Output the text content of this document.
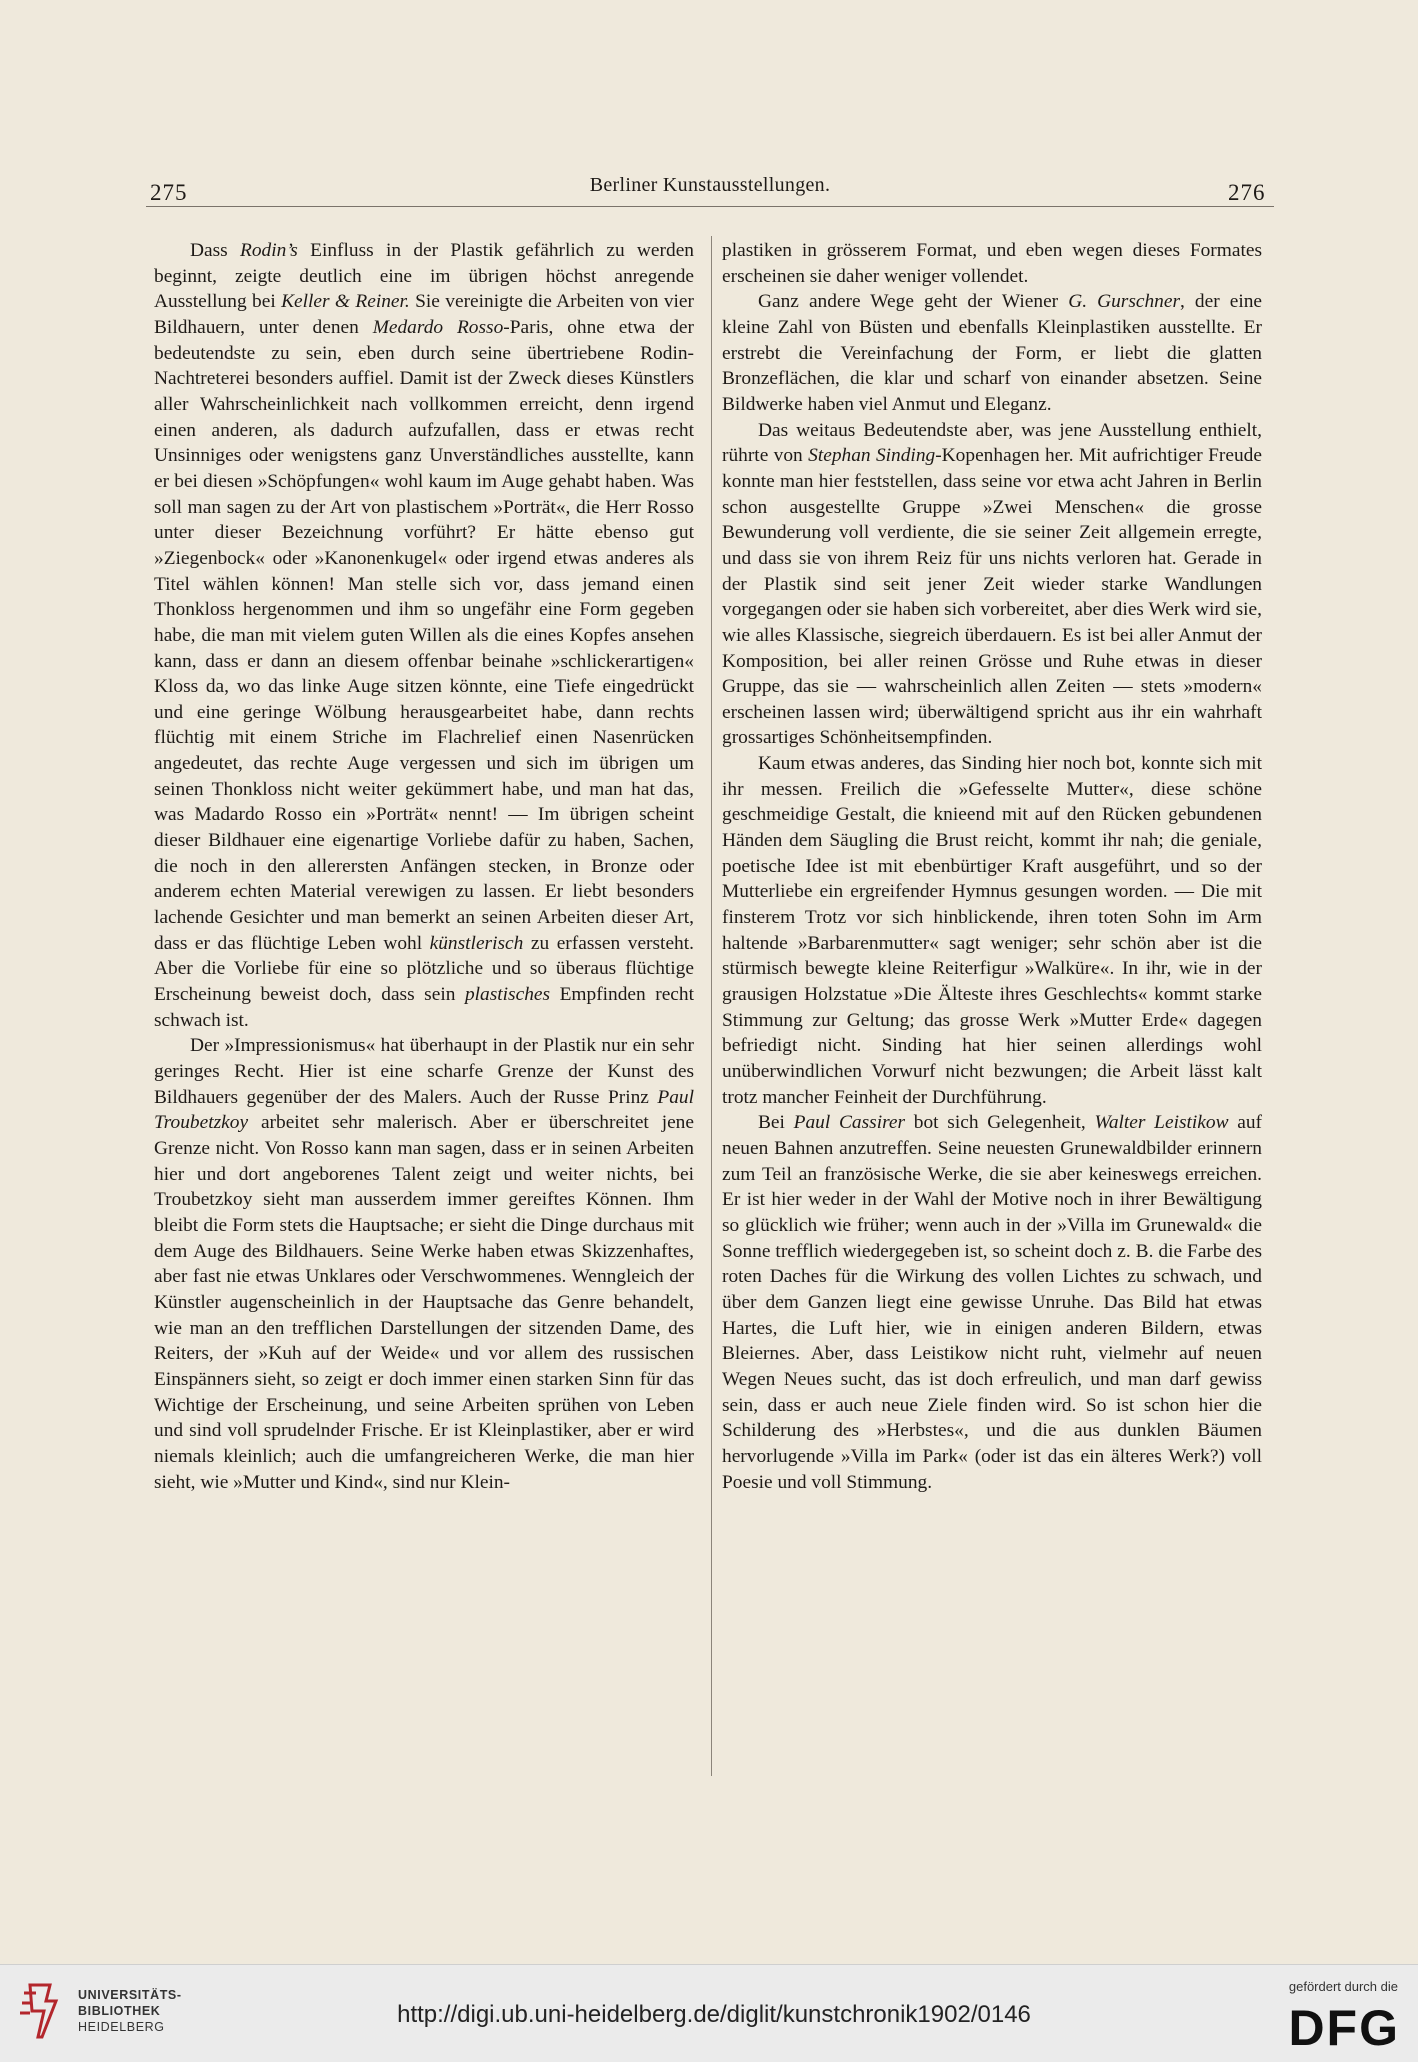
275	Berliner Kunstausstellungen.	276

Dass Rodin’s Einfluss in der Plastik gefährlich zu werden beginnt, zeigte deutlich eine im übrigen höchst anregende Ausstellung bei Keller & Reiner. Sie vereinigte die Arbeiten von vier Bildhauern, unter denen Medardo Rosso-Paris, ohne etwa der bedeutendste zu sein, eben durch seine übertriebene Rodin-Nachtreterei besonders auffiel. Damit ist der Zweck dieses Künstlers aller Wahrscheinlichkeit nach vollkommen erreicht, denn irgend einen anderen, als dadurch aufzufallen, dass er etwas recht Unsinniges oder wenigstens ganz Unverständliches ausstellte, kann er bei diesen »Schöpfungen« wohl kaum im Auge gehabt haben. Was soll man sagen zu der Art von plastischem »Porträt«, die Herr Rosso unter dieser Bezeichnung vorführt? Er hätte ebenso gut »Ziegenbock« oder »Kanonenkugel« oder irgend etwas anderes als Titel wählen können! Man stelle sich vor, dass jemand einen Thonkloss hergenommen und ihm so ungefähr eine Form gegeben habe, die man mit vielem guten Willen als die eines Kopfes ansehen kann, dass er dann an diesem offenbar beinahe »schlickerartigen« Kloss da, wo das linke Auge sitzen könnte, eine Tiefe eingedrückt und eine geringe Wölbung herausgearbeitet habe, dann rechts flüchtig mit einem Striche im Flachrelief einen Nasenrücken angedeutet, das rechte Auge vergessen und sich im übrigen um seinen Thonkloss nicht weiter gekümmert habe, und man hat das, was Madardo Rosso ein »Porträt« nennt! — Im übrigen scheint dieser Bildhauer eine eigenartige Vorliebe dafür zu haben, Sachen, die noch in den allerersten Anfängen stecken, in Bronze oder anderem echten Material verewigen zu lassen. Er liebt besonders lachende Gesichter und man bemerkt an seinen Arbeiten dieser Art, dass er das flüchtige Leben wohl künstlerisch zu erfassen versteht. Aber die Vorliebe für eine so plötzliche und so überaus flüchtige Erscheinung beweist doch, dass sein plastisches Empfinden recht schwach ist.

Der »Impressionismus« hat überhaupt in der Plastik nur ein sehr geringes Recht. Hier ist eine scharfe Grenze der Kunst des Bildhauers gegenüber der des Malers. Auch der Russe Prinz Paul Troubetzkoy arbeitet sehr malerisch. Aber er überschreitet jene Grenze nicht. Von Rosso kann man sagen, dass er in seinen Arbeiten hier und dort angeborenes Talent zeigt und weiter nichts, bei Troubetzkoy sieht man ausserdem immer gereiftes Können. Ihm bleibt die Form stets die Hauptsache; er sieht die Dinge durchaus mit dem Auge des Bildhauers. Seine Werke haben etwas Skizzenhaftes, aber fast nie etwas Unklares oder Verschwommenes. Wenngleich der Künstler augenscheinlich in der Hauptsache das Genre behandelt, wie man an den trefflichen Darstellungen der sitzenden Dame, des Reiters, der »Kuh auf der Weide« und vor allem des russischen Einspänners sieht, so zeigt er doch immer einen starken Sinn für das Wichtige der Erscheinung, und seine Arbeiten sprühen von Leben und sind voll sprudelnder Frische. Er ist Kleinplastiker, aber er wird niemals kleinlich; auch die umfangreicheren Werke, die man hier sieht, wie »Mutter und Kind«, sind nur Klein-

plastiken in grösserem Format, und eben wegen dieses Formates erscheinen sie daher weniger vollendet.

Ganz andere Wege geht der Wiener G. Gurschner, der eine kleine Zahl von Büsten und ebenfalls Kleinplastiken ausstellte. Er erstrebt die Vereinfachung der Form, er liebt die glatten Bronzeflächen, die klar und scharf von einander absetzen. Seine Bildwerke haben viel Anmut und Eleganz.

Das weitaus Bedeutendste aber, was jene Ausstellung enthielt, rührte von Stephan Sinding-Kopenhagen her. Mit aufrichtiger Freude konnte man hier feststellen, dass seine vor etwa acht Jahren in Berlin schon ausgestellte Gruppe »Zwei Menschen« die grosse Bewunderung voll verdiente, die sie seiner Zeit allgemein erregte, und dass sie von ihrem Reiz für uns nichts verloren hat. Gerade in der Plastik sind seit jener Zeit wieder starke Wandlungen vorgegangen oder sie haben sich vorbereitet, aber dies Werk wird sie, wie alles Klassische, siegreich überdauern. Es ist bei aller Anmut der Komposition, bei aller reinen Grösse und Ruhe etwas in dieser Gruppe, das sie — wahrscheinlich allen Zeiten — stets »modern« erscheinen lassen wird; überwältigend spricht aus ihr ein wahrhaft grossartiges Schönheitsempfinden.

Kaum etwas anderes, das Sinding hier noch bot, konnte sich mit ihr messen. Freilich die »Gefesselte Mutter«, diese schöne geschmeidige Gestalt, die knieend mit auf den Rücken gebundenen Händen dem Säugling die Brust reicht, kommt ihr nah; die geniale, poetische Idee ist mit ebenbürtiger Kraft ausgeführt, und so der Mutterliebe ein ergreifender Hymnus gesungen worden. — Die mit finsterem Trotz vor sich hinblickende, ihren toten Sohn im Arm haltende »Barbarenmutter« sagt weniger; sehr schön aber ist die stürmisch bewegte kleine Reiterfigur »Walküre«. In ihr, wie in der grausigen Holzstatue »Die Älteste ihres Geschlechts« kommt starke Stimmung zur Geltung; das grosse Werk »Mutter Erde« dagegen befriedigt nicht. Sinding hat hier seinen allerdings wohl unüberwindlichen Vorwurf nicht bezwungen; die Arbeit lässt kalt trotz mancher Feinheit der Durchführung.

Bei Paul Cassirer bot sich Gelegenheit, Walter Leistikow auf neuen Bahnen anzutreffen. Seine neuesten Grunewaldbilder erinnern zum Teil an französische Werke, die sie aber keineswegs erreichen. Er ist hier weder in der Wahl der Motive noch in ihrer Bewältigung so glücklich wie früher; wenn auch in der »Villa im Grunewald« die Sonne trefflich wiedergegeben ist, so scheint doch z. B. die Farbe des roten Daches für die Wirkung des vollen Lichtes zu schwach, und über dem Ganzen liegt eine gewisse Unruhe. Das Bild hat etwas Hartes, die Luft hier, wie in einigen anderen Bildern, etwas Bleiernes. Aber, dass Leistikow nicht ruht, vielmehr auf neuen Wegen Neues sucht, das ist doch erfreulich, und man darf gewiss sein, dass er auch neue Ziele finden wird. So ist schon hier die Schilderung des »Herbstes«, und die aus dunklen Bäumen hervorlugende »Villa im Park« (oder ist das ein älteres Werk?) voll Poesie und voll Stimmung.

UNIVERSITÄTS-
BIBLIOTHEK
HEIDELBERG	http://digi.ub.uni-heidelberg.de/diglit/kunstchronik1902/0146
gefördert durch die
DFG
